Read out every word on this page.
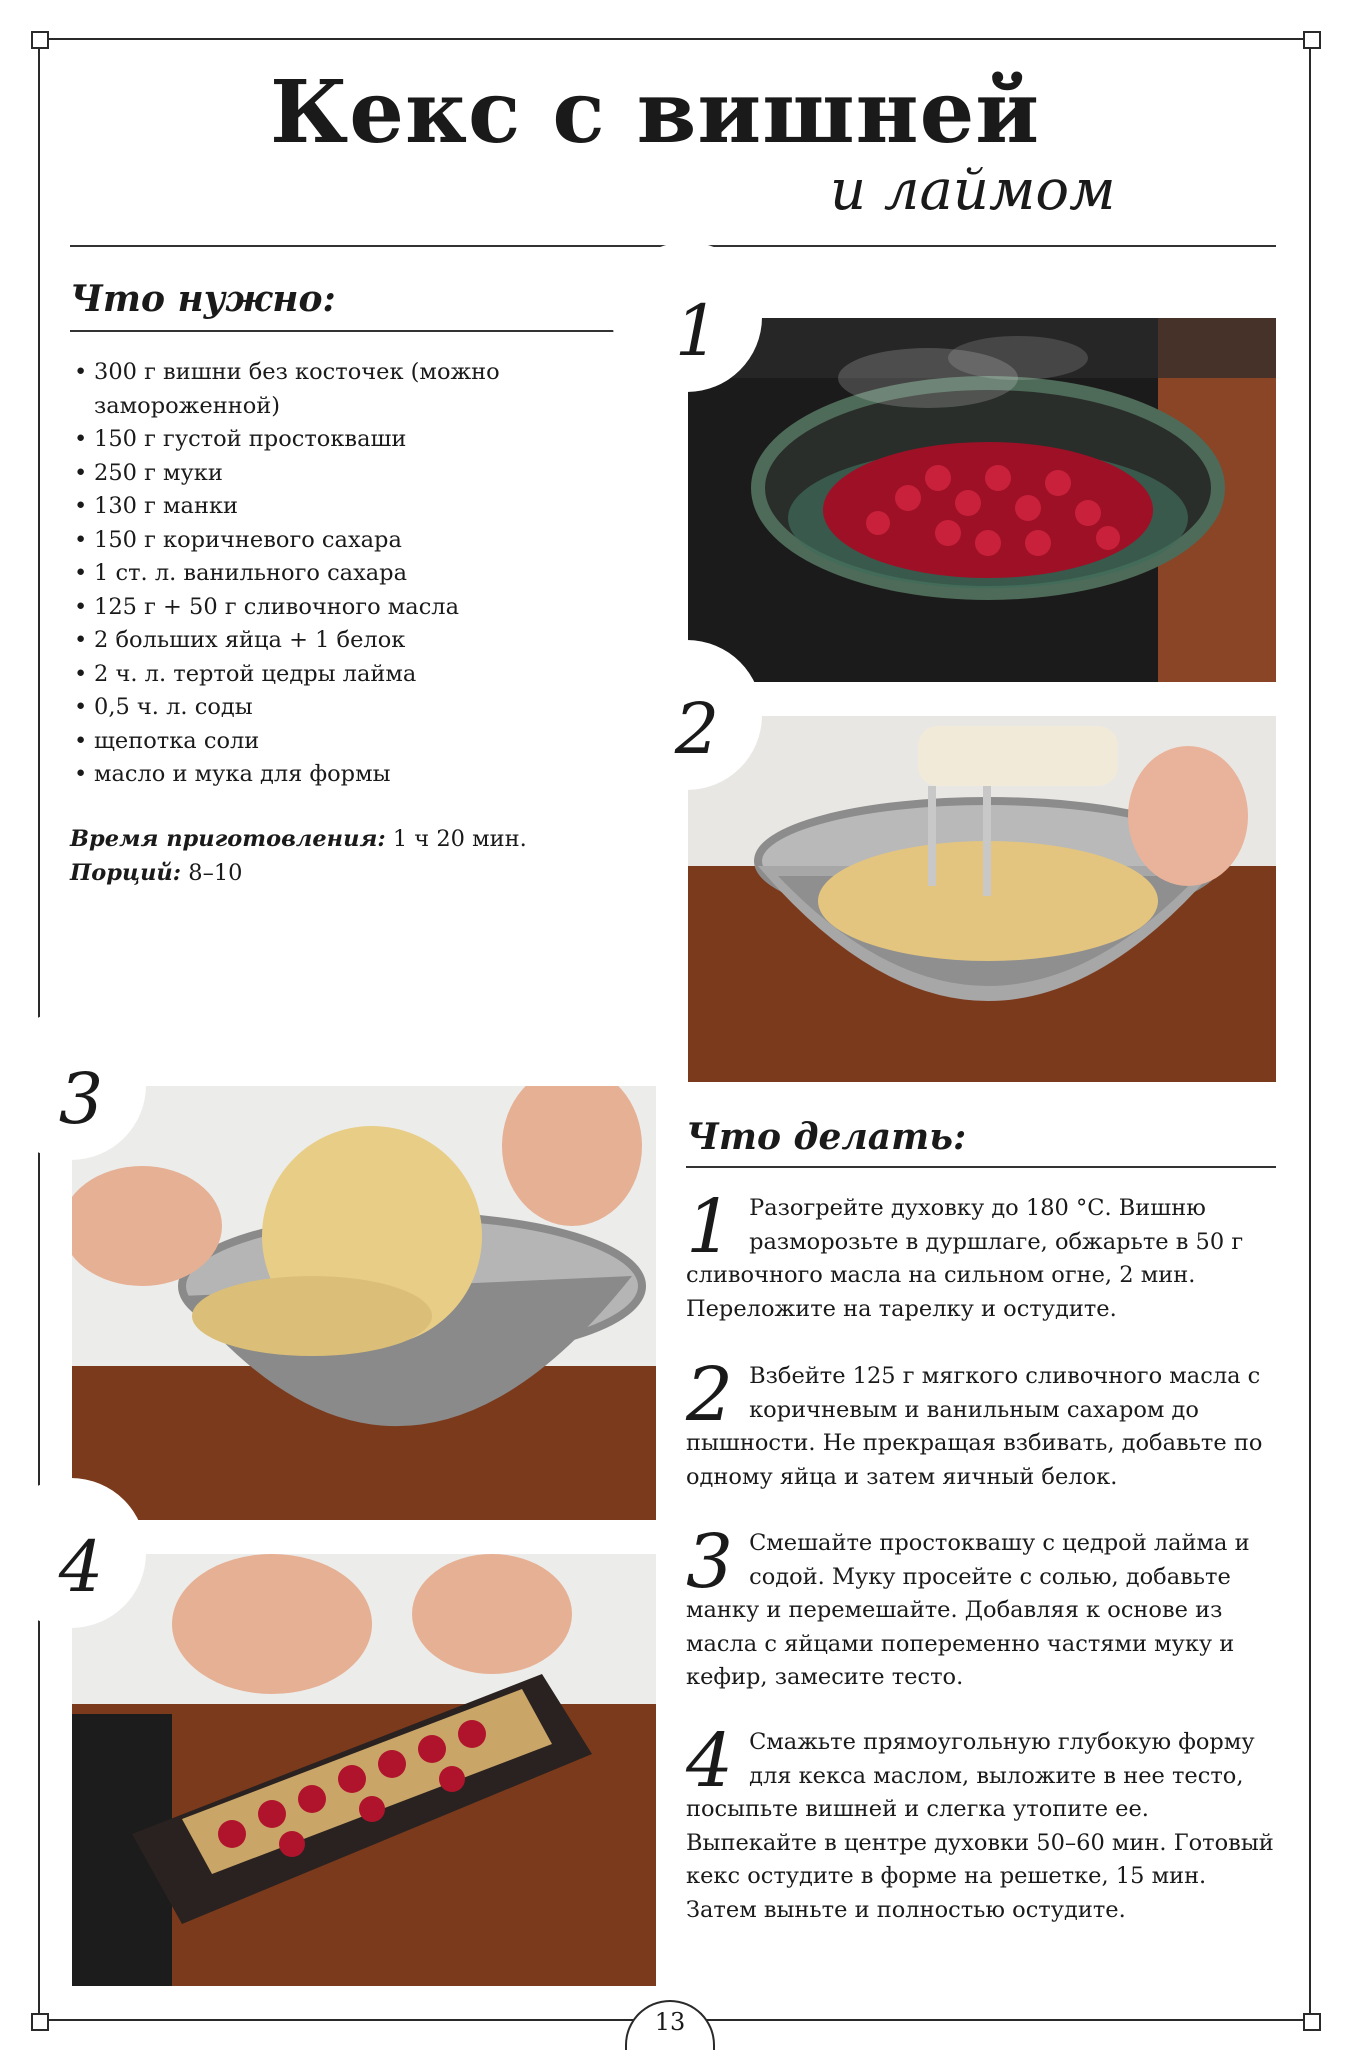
Кекс с вишней
и лаймом
Что нужно:
• 300 г вишни без косточек (можно замороженной)
• 150 г густой простокваши
• 250 г муки
• 130 г манки
• 150 г коричневого сахара
• 1 ст. л. ванильного сахара
• 125 г + 50 г сливочного масла
• 2 больших яйца + 1 белок
• 2 ч. л. тертой цедры лайма
• 0,5 ч. л. соды
• щепотка соли
• масло и мука для формы
Время приготовления: 1 ч 20 мин.
Порций: 8–10
1
2
3
4
Что делать:
1 Разогрейте духовку до 180 °С. Вишню разморозьте в дуршлаге, обжарьте в 50 г сливочного масла на сильном огне, 2 мин. Переложите на тарелку и остудите.
2 Взбейте 125 г мягкого сливочного масла с коричневым и ванильным сахаром до пышности. Не прекращая взбивать, добавьте по одному яйца и затем яичный белок.
3 Смешайте простоквашу с цедрой лайма и содой. Муку просейте с солью, добавьте манку и перемешайте. Добавляя к основе из масла с яйцами попеременно частями муку и кефир, замесите тесто.
4 Смажьте прямоугольную глубокую форму для кекса маслом, выложите в нее тесто, посыпьте вишней и слегка утопите ее. Выпекайте в центре духовки 50–60 мин. Готовый кекс остудите в форме на решетке, 15 мин. Затем выньте и полностью остудите.
13
